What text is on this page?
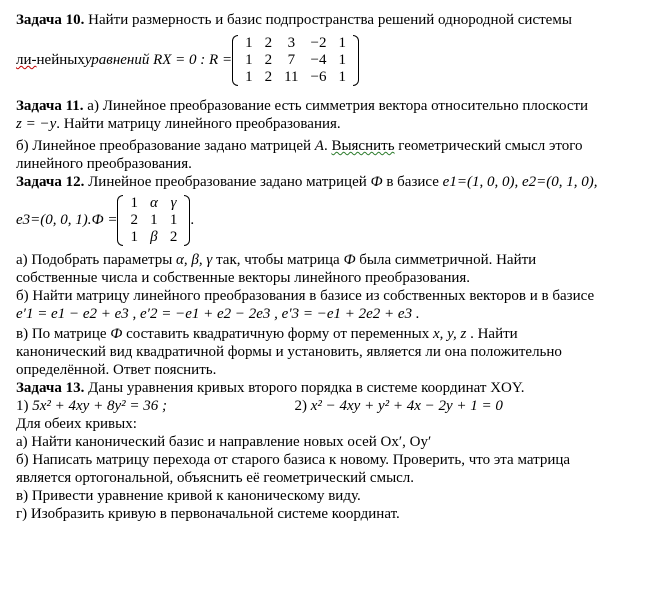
Задача 10. Найти размерность и базис подпространства решений однородной системы
ли- нейных уравнений RX = 0 : R =
1	2	3	−2	1
1	2	7	−4	1
1	2	11	−6	1
Задача 11. а) Линейное преобразование есть симметрия вектора относительно плоскости
z = −y. Найти матрицу линейного преобразования.
б) Линейное преобразование задано матрицей A. Выяснить геометрический смысл этого
линейного преобразования.
Задача 12. Линейное преобразование задано матрицей Ф в базисе e1=(1, 0, 0), e2=(0, 1, 0),
e3=(0, 0, 1). Ф =
1	α	γ
2	1	1
1	β	2
.
а) Подобрать параметры α, β, γ так, чтобы матрица Ф была симметричной. Найти
собственные числа и собственные векторы линейного преобразования.
б) Найти матрицу линейного преобразования в базисе из собственных векторов и в базисе
e′1 = e1 − e2 + e3 , e′2 = −e1 + e2 − 2e3 , e′3 = −e1 + 2e2 + e3 .
в) По матрице Ф составить квадратичную форму от переменных x, y, z . Найти
канонический вид квадратичной формы и установить, является ли она положительно
определённой. Ответ пояснить.
Задача 13. Даны уравнения кривых второго порядка в системе координат XOY.
1) 5x² + 4xy + 8y² = 36 ;	2) x² − 4xy + y² + 4x − 2y + 1 = 0
Для обеих кривых:
а) Найти канонический базис и направление новых осей Ox′, Oy′
б) Написать матрицу перехода от старого базиса к новому. Проверить, что эта матрица
является ортогональной, объяснить её геометрический смысл.
в) Привести уравнение кривой к каноническому виду.
г) Изобразить кривую в первоначальной системе координат.
